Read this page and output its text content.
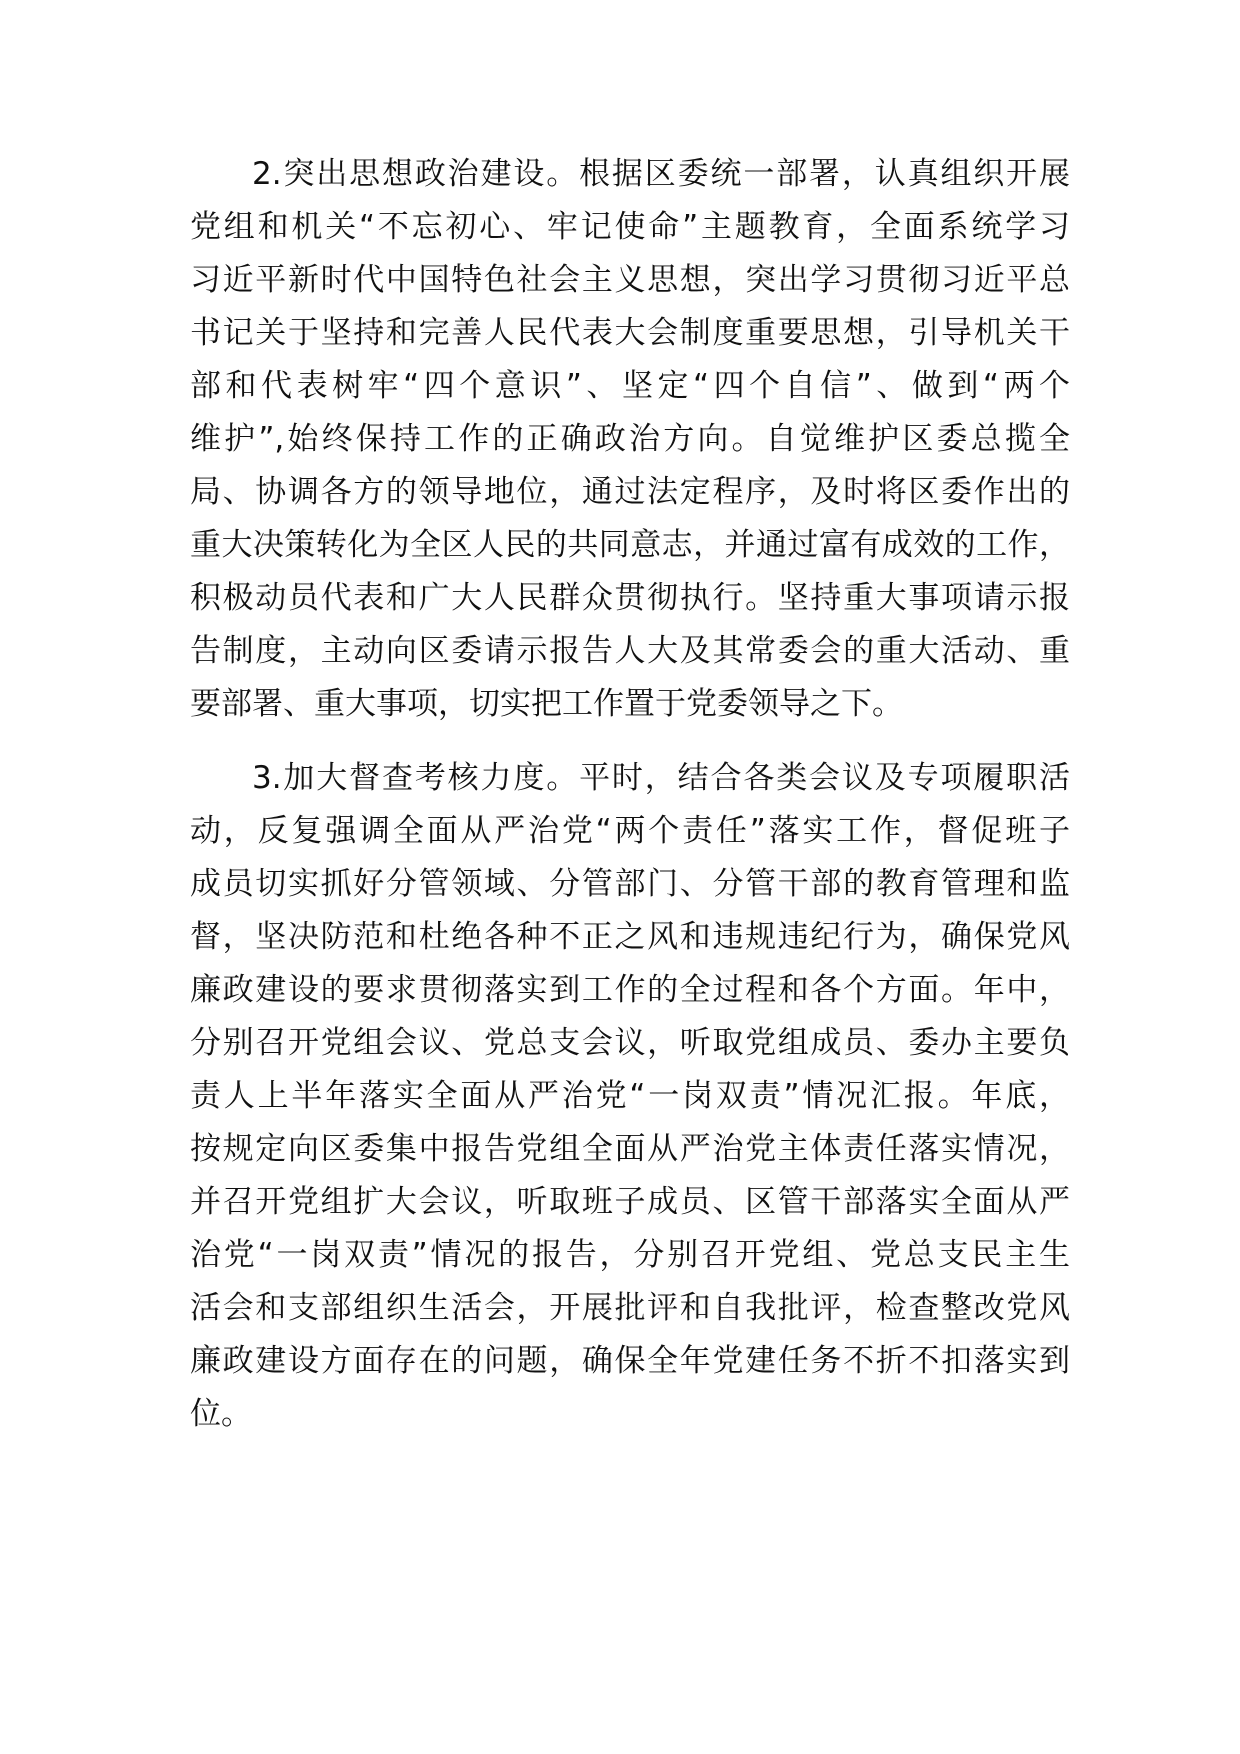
2.突出思想政治建设。根据区委统一部署，认真组织开展
党组和机关“不忘初心、牢记使命”主题教育，全面系统学习
习近平新时代中国特色社会主义思想，突出学习贯彻习近平总
书记关于坚持和完善人民代表大会制度重要思想，引导机关干
部和代表树牢“四个意识”、坚定“四个自信”、做到“两个
维护”,始终保持工作的正确政治方向。自觉维护区委总揽全
局、协调各方的领导地位，通过法定程序，及时将区委作出的
重大决策转化为全区人民的共同意志，并通过富有成效的工作，
积极动员代表和广大人民群众贯彻执行。坚持重大事项请示报
告制度，主动向区委请示报告人大及其常委会的重大活动、重
要部署、重大事项，切实把工作置于党委领导之下。
3.加大督查考核力度。平时，结合各类会议及专项履职活
动，反复强调全面从严治党“两个责任”落实工作，督促班子
成员切实抓好分管领域、分管部门、分管干部的教育管理和监
督，坚决防范和杜绝各种不正之风和违规违纪行为，确保党风
廉政建设的要求贯彻落实到工作的全过程和各个方面。年中，
分别召开党组会议、党总支会议，听取党组成员、委办主要负
责人上半年落实全面从严治党“一岗双责”情况汇报。年底，
按规定向区委集中报告党组全面从严治党主体责任落实情况，
并召开党组扩大会议，听取班子成员、区管干部落实全面从严
治党“一岗双责”情况的报告，分别召开党组、党总支民主生
活会和支部组织生活会，开展批评和自我批评，检查整改党风
廉政建设方面存在的问题，确保全年党建任务不折不扣落实到
位。
